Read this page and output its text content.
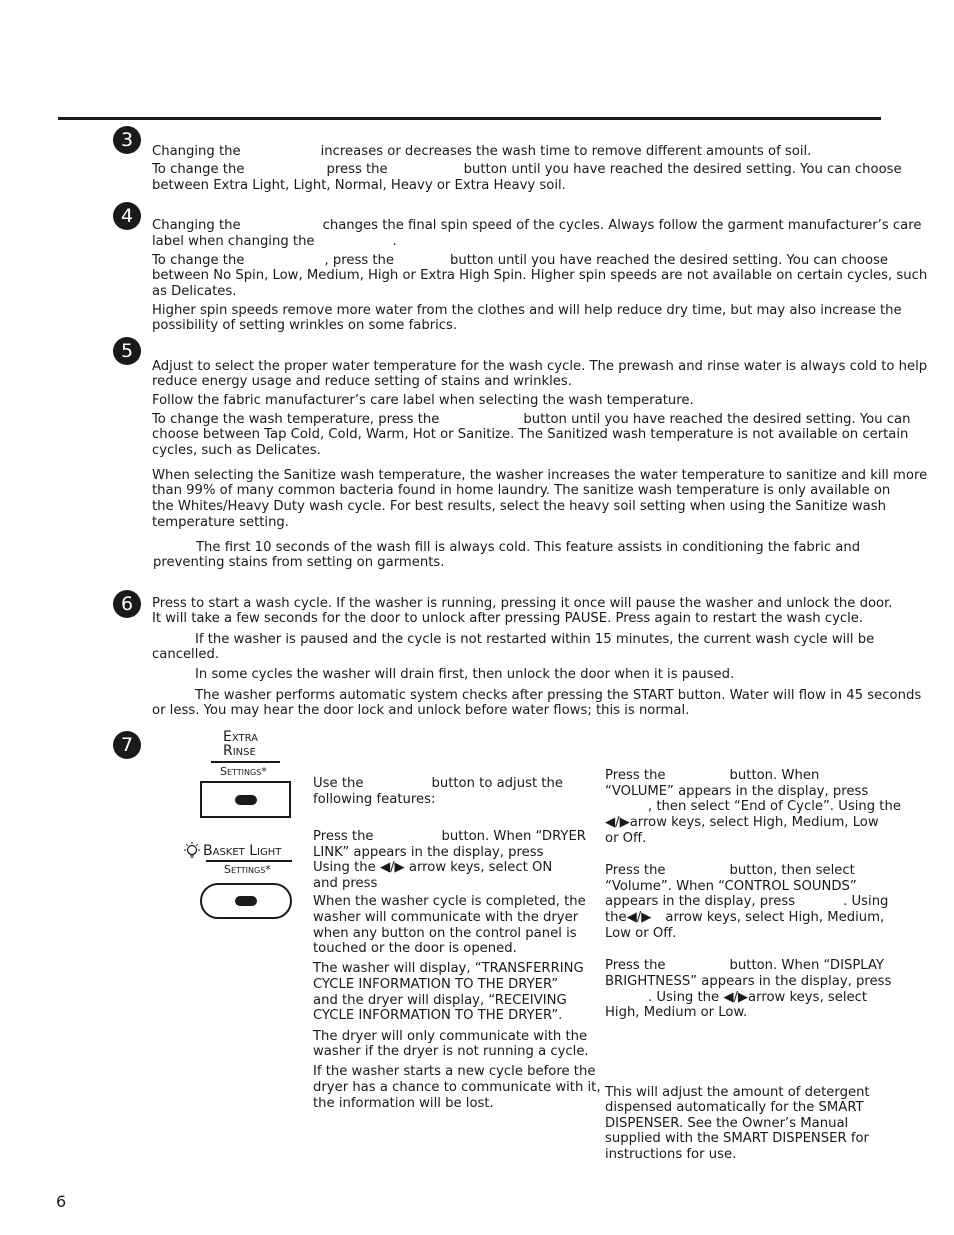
3
4
5
6
7

Changing the	increases or decreases the wash time to remove different amounts of soil.

To change the	press the	button until you have reached the desired setting. You can choose

between Extra Light, Light, Normal, Heavy or Extra Heavy soil.

Changing the	changes the final spin speed of the cycles. Always follow the garment manufacturer’s care

label when changing the	.

To change the	, press the	button until you have reached the desired setting. You can choose

between No Spin, Low, Medium, High or Extra High Spin. Higher spin speeds are not available on certain cycles, such

as Delicates.

Higher spin speeds remove more water from the clothes and will help reduce dry time, but may also increase the

possibility of setting wrinkles on some fabrics.

Adjust to select the proper water temperature for the wash cycle. The prewash and rinse water is always cold to help

reduce energy usage and reduce setting of stains and wrinkles.

Follow the fabric manufacturer’s care label when selecting the wash temperature.

To change the wash temperature, press the	button until you have reached the desired setting. You can

choose between Tap Cold, Cold, Warm, Hot or Sanitize. The Sanitized wash temperature is not available on certain

cycles, such as Delicates.

When selecting the Sanitize wash temperature, the washer increases the water temperature to sanitize and kill more

than 99% of many common bacteria found in home laundry. The sanitize wash temperature is only available on

the Whites/Heavy Duty wash cycle. For best results, select the heavy soil setting when using the Sanitize wash

temperature setting.

The first 10 seconds of the wash fill is always cold. This feature assists in conditioning the fabric and

preventing stains from setting on garments.

Press to start a wash cycle. If the washer is running, pressing it once will pause the washer and unlock the door.

It will take a few seconds for the door to unlock after pressing PAUSE. Press again to restart the wash cycle.

If the washer is paused and the cycle is not restarted within 15 minutes, the current wash cycle will be

cancelled.

In some cycles the washer will drain first, then unlock the door when it is paused.

The washer performs automatic system checks after pressing the START button. Water will flow in 45 seconds

or less. You may hear the door lock and unlock before water flows; this is normal.

Extra
Rinse
Settings*
Basket Light
Settings*

Use the	button to adjust the

following features:

Press the	button. When “DRYER

LINK” appears in the display, press

Using the ◀/▶ arrow keys, select ON

and press

When the washer cycle is completed, the

washer will communicate with the dryer

when any button on the control panel is

touched or the door is opened.

The washer will display, “TRANSFERRING

CYCLE INFORMATION TO THE DRYER”

and the dryer will display, “RECEIVING

CYCLE INFORMATION TO THE DRYER”.

The dryer will only communicate with the

washer if the dryer is not running a cycle.

If the washer starts a new cycle before the

dryer has a chance to communicate with it,

the information will be lost.

Press the	button. When

“VOLUME” appears in the display, press

, then select “End of Cycle”. Using the

◀/▶arrow keys, select High, Medium, Low

or Off.

Press the	button, then select

“Volume”. When “CONTROL SOUNDS”

appears in the display, press	. Using

the◀/▶ arrow keys, select High, Medium,

Low or Off.

Press the	button. When “DISPLAY

BRIGHTNESS” appears in the display, press

. Using the ◀/▶arrow keys, select

High, Medium or Low.

This will adjust the amount of detergent

dispensed automatically for the SMART

DISPENSER. See the Owner’s Manual

supplied with the SMART DISPENSER for

instructions for use.

6
